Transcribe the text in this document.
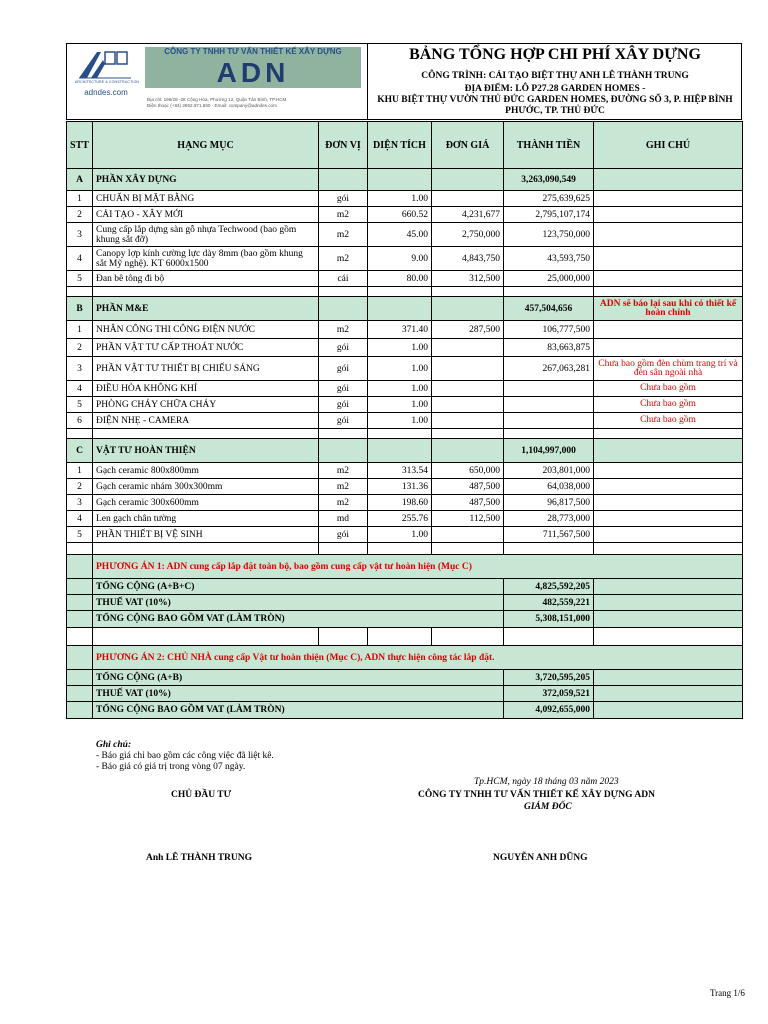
ARCHITECTURE & CONSTRUCTION
adndes.com
CÔNG TY TNHH TƯ VẤN THIẾT KẾ XÂY DỰNG
ADN
Địa chỉ: 196/28 -28 Cộng Hòa, Phường 12, Quận Tân Bình, TP.HCM
Điện thoại: (+84) 2862.971.660 - Email: company@adndes.com
BẢNG TỔNG HỢP CHI PHÍ XÂY DỰNG
CÔNG TRÌNH: CẢI TẠO BIỆT THỰ ANH LÊ THÀNH TRUNG
ĐỊA ĐIỂM: LÔ P27.28 GARDEN HOMES -
KHU BIỆT THỰ VƯỜN THỦ ĐỨC GARDEN HOMES, ĐƯỜNG SỐ 3, P. HIỆP BÌNH
PHƯỚC, TP. THỦ ĐỨC
STT	HẠNG MỤC	ĐƠN VỊ	DIỆN TÍCH	ĐƠN GIÁ	THÀNH TIỀN	GHI CHÚ
A	PHẦN XÂY DỰNG				3,263,090,549	
1	CHUẨN BỊ MẶT BẰNG	gói	1.00		275,639,625	
2	CẢI TẠO - XÂY MỚI	m2	660.52	4,231,677	2,795,107,174	
3	Cung cấp lắp dựng sàn gỗ nhựa Techwood (bao gồm khung sắt đỡ)	m2	45.00	2,750,000	123,750,000	
4	Canopy lợp kính cường lực dày 8mm (bao gồm khung sắt Mỹ nghệ). KT 6000x1500	m2	9.00	4,843,750	43,593,750	
5	Đan bê tông đi bộ	cái	80.00	312,500	25,000,000	

B	PHẦN M&E				457,504,656	ADN sẽ báo lại sau khi có thiết kế hoàn chỉnh
1	NHÂN CÔNG THI CÔNG ĐIỆN NƯỚC	m2	371.40	287,500	106,777,500	
2	PHẦN VẬT TƯ CẤP THOÁT NƯỚC	gói	1.00		83,663,875	
3	PHẦN VẬT TƯ THIẾT BỊ CHIẾU SÁNG	gói	1.00		267,063,281	Chưa bao gồm đèn chùm trang trí và đèn sân ngoài nhà
4	ĐIỀU HÒA KHÔNG KHÍ	gói	1.00			Chưa bao gồm
5	PHÒNG CHÁY CHỮA CHÁY	gói	1.00			Chưa bao gồm
6	ĐIỆN NHẸ - CAMERA	gói	1.00			Chưa bao gồm

C	VẬT TƯ HOÀN THIỆN				1,104,997,000	
1	Gạch ceramic 800x800mm	m2	313.54	650,000	203,801,000	
2	Gạch ceramic nhám 300x300mm	m2	131.36	487,500	64,038,000	
3	Gạch ceramic 300x600mm	m2	198.60	487,500	96,817,500	
4	Len gạch chân tường	md	255.76	112,500	28,773,000	
5	PHẦN THIẾT BỊ VỆ SINH	gói	1.00		711,567,500	

	PHƯƠNG ÁN 1: ADN cung cấp lắp đặt toàn bộ, bao gồm cung cấp vật tư hoàn hiện (Mục C)					
	TỔNG CỘNG (A+B+C)				4,825,592,205	
	THUẾ VAT (10%)				482,559,221	
	TỔNG CỘNG BAO GỒM VAT (LÀM TRÒN)				5,308,151,000	

	PHƯƠNG ÁN 2: CHỦ NHÀ cung cấp Vật tư hoàn thiện (Mục C), ADN thực hiện công tác lắp đặt.					
	TỔNG CỘNG (A+B)				3,720,595,205	
	THUẾ VAT (10%)				372,059,521	
	TỔNG CỘNG BAO GỒM VAT (LÀM TRÒN)				4,092,655,000	
Ghi chú:
- Báo giá chỉ bao gồm các công việc đã liệt kê.
- Báo giá có giá trị trong vòng 07 ngày.
Tp.HCM, ngày 18 tháng 03 năm 2023
CHỦ ĐẦU TƯ	CÔNG TY TNHH TƯ VẤN THIẾT KẾ XÂY DỰNG ADN
GIÁM ĐỐC
Anh LÊ THÀNH TRUNG	NGUYỄN ANH DŨNG
Trang 1/6
